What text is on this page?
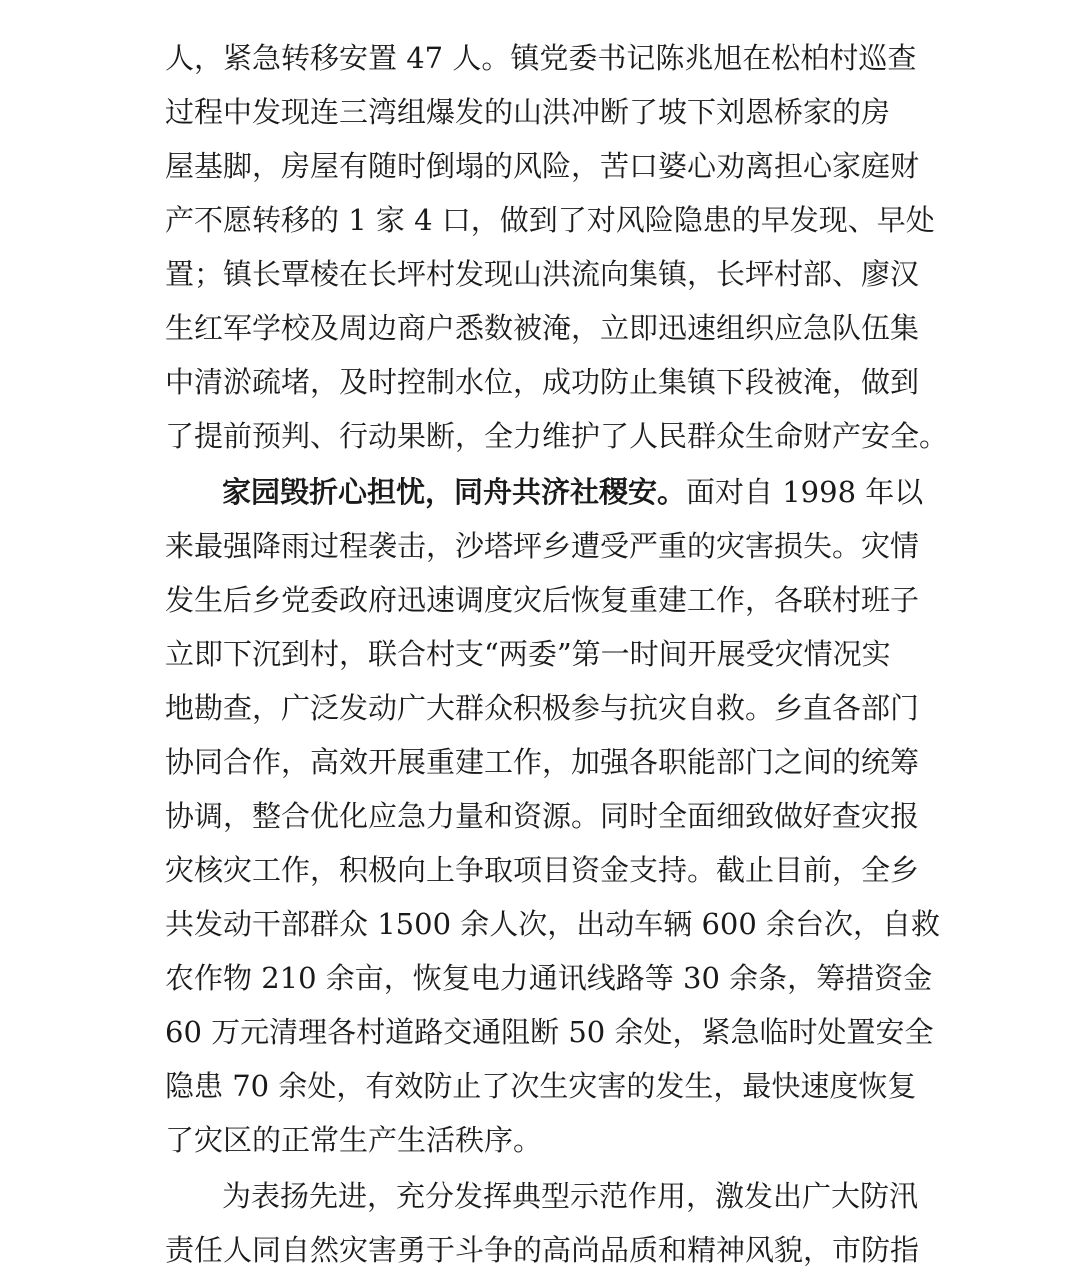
人，紧急转移安置 47 人。镇党委书记陈兆旭在松柏村巡查
过程中发现连三湾组爆发的山洪冲断了坡下刘恩桥家的房
屋基脚，房屋有随时倒塌的风险，苦口婆心劝离担心家庭财
产不愿转移的 1 家 4 口，做到了对风险隐患的早发现、早处
置；镇长覃棱在长坪村发现山洪流向集镇，长坪村部、廖汉
生红军学校及周边商户悉数被淹，立即迅速组织应急队伍集
中清淤疏堵，及时控制水位，成功防止集镇下段被淹，做到
了提前预判、行动果断，全力维护了人民群众生命财产安全。
家园毁折心担忧，同舟共济社稷安。面对自 1998 年以
来最强降雨过程袭击，沙塔坪乡遭受严重的灾害损失。灾情
发生后乡党委政府迅速调度灾后恢复重建工作，各联村班子
立即下沉到村，联合村支“两委”第一时间开展受灾情况实
地勘查，广泛发动广大群众积极参与抗灾自救。乡直各部门
协同合作，高效开展重建工作，加强各职能部门之间的统筹
协调，整合优化应急力量和资源。同时全面细致做好查灾报
灾核灾工作，积极向上争取项目资金支持。截止目前，全乡
共发动干部群众 1500 余人次，出动车辆 600 余台次，自救
农作物 210 余亩，恢复电力通讯线路等 30 余条，筹措资金
60 万元清理各村道路交通阻断 50 余处，紧急临时处置安全
隐患 70 余处，有效防止了次生灾害的发生，最快速度恢复
了灾区的正常生产生活秩序。
为表扬先进，充分发挥典型示范作用，激发出广大防汛
责任人同自然灾害勇于斗争的高尚品质和精神风貌，市防指
